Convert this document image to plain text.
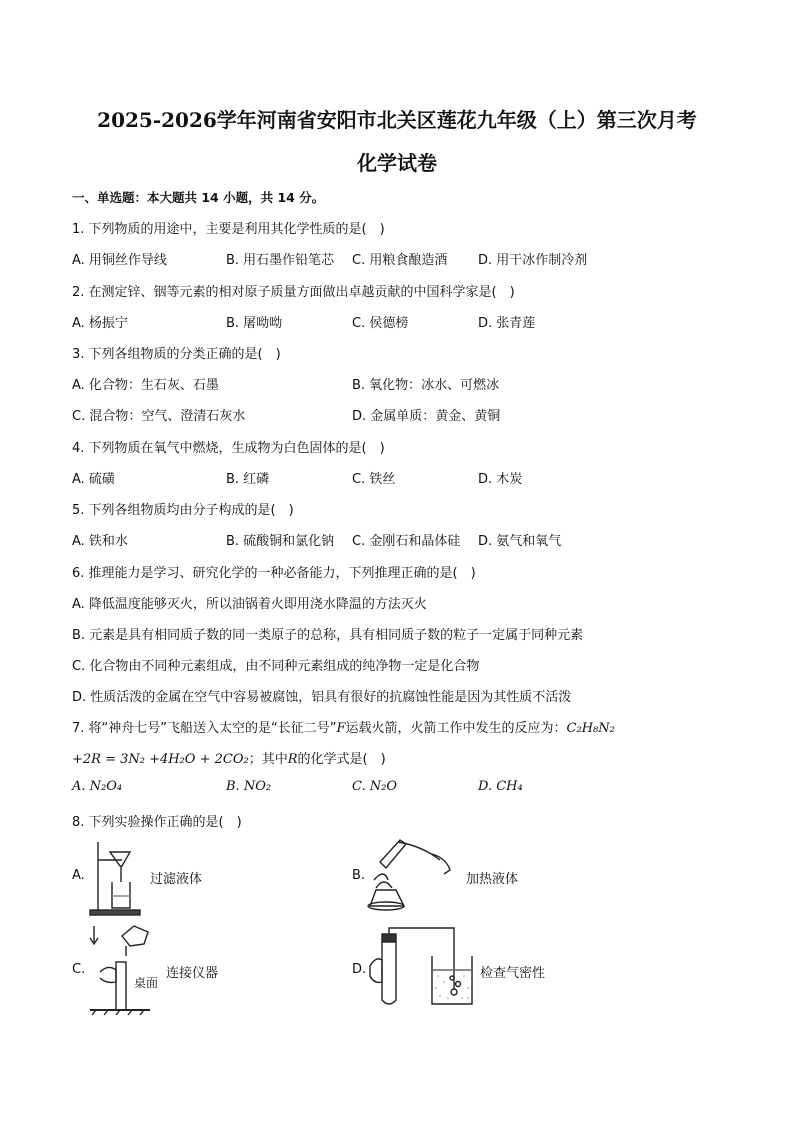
2025-2026学年河南省安阳市北关区莲花九年级（上）第三次月考
化学试卷
一、单选题：本大题共 14 小题，共 14 分。
1. 下列物质的用途中，主要是利用其化学性质的是(　)
A. 用铜丝作导线	B. 用石墨作铅笔芯 C. 用粮食酿造酒 D. 用干冰作制冷剂
2. 在测定锌、铟等元素的相对原子质量方面做出卓越贡献的中国科学家是(　)
A. 杨振宁	B. 屠呦呦	C. 侯德榜	D. 张青莲
3. 下列各组物质的分类正确的是(　)
A. 化合物：生石灰、石墨	B. 氧化物：冰水、可燃冰
C. 混合物：空气、澄清石灰水	D. 金属单质：黄金、黄铜
4. 下列物质在氧气中燃烧，生成物为白色固体的是(　)
A. 硫磺	B. 红磷	C. 铁丝	D. 木炭
5. 下列各组物质均由分子构成的是(　)
A. 铁和水	B. 硫酸铜和氯化钠 C. 金刚石和晶体硅 D. 氨气和氧气
6. 推理能力是学习、研究化学的一种必备能力，下列推理正确的是(　)
A. 降低温度能够灭火，所以油锅着火即用浇水降温的方法灭火
B. 元素是具有相同质子数的同一类原子的总称，具有相同质子数的粒子一定属于同种元素
C. 化合物由不同种元素组成，由不同种元素组成的纯净物一定是化合物
D. 性质活泼的金属在空气中容易被腐蚀，铝具有很好的抗腐蚀性能是因为其性质不活泼
7. 将“神舟七号”飞船送入太空的是“长征二号”F运载火箭，火箭工作中发生的反应为：C₂H₈N₂
+2R = 3N₂ +4H₂O + 2CO₂；其中R的化学式是(　)
A. N₂O₄	B. NO₂	C. N₂O	D. CH₄
8. 下列实验操作正确的是(　)
A.	过滤液体	B.	加热液体
C.
桌面
连接仪器	D.	检查气密性
